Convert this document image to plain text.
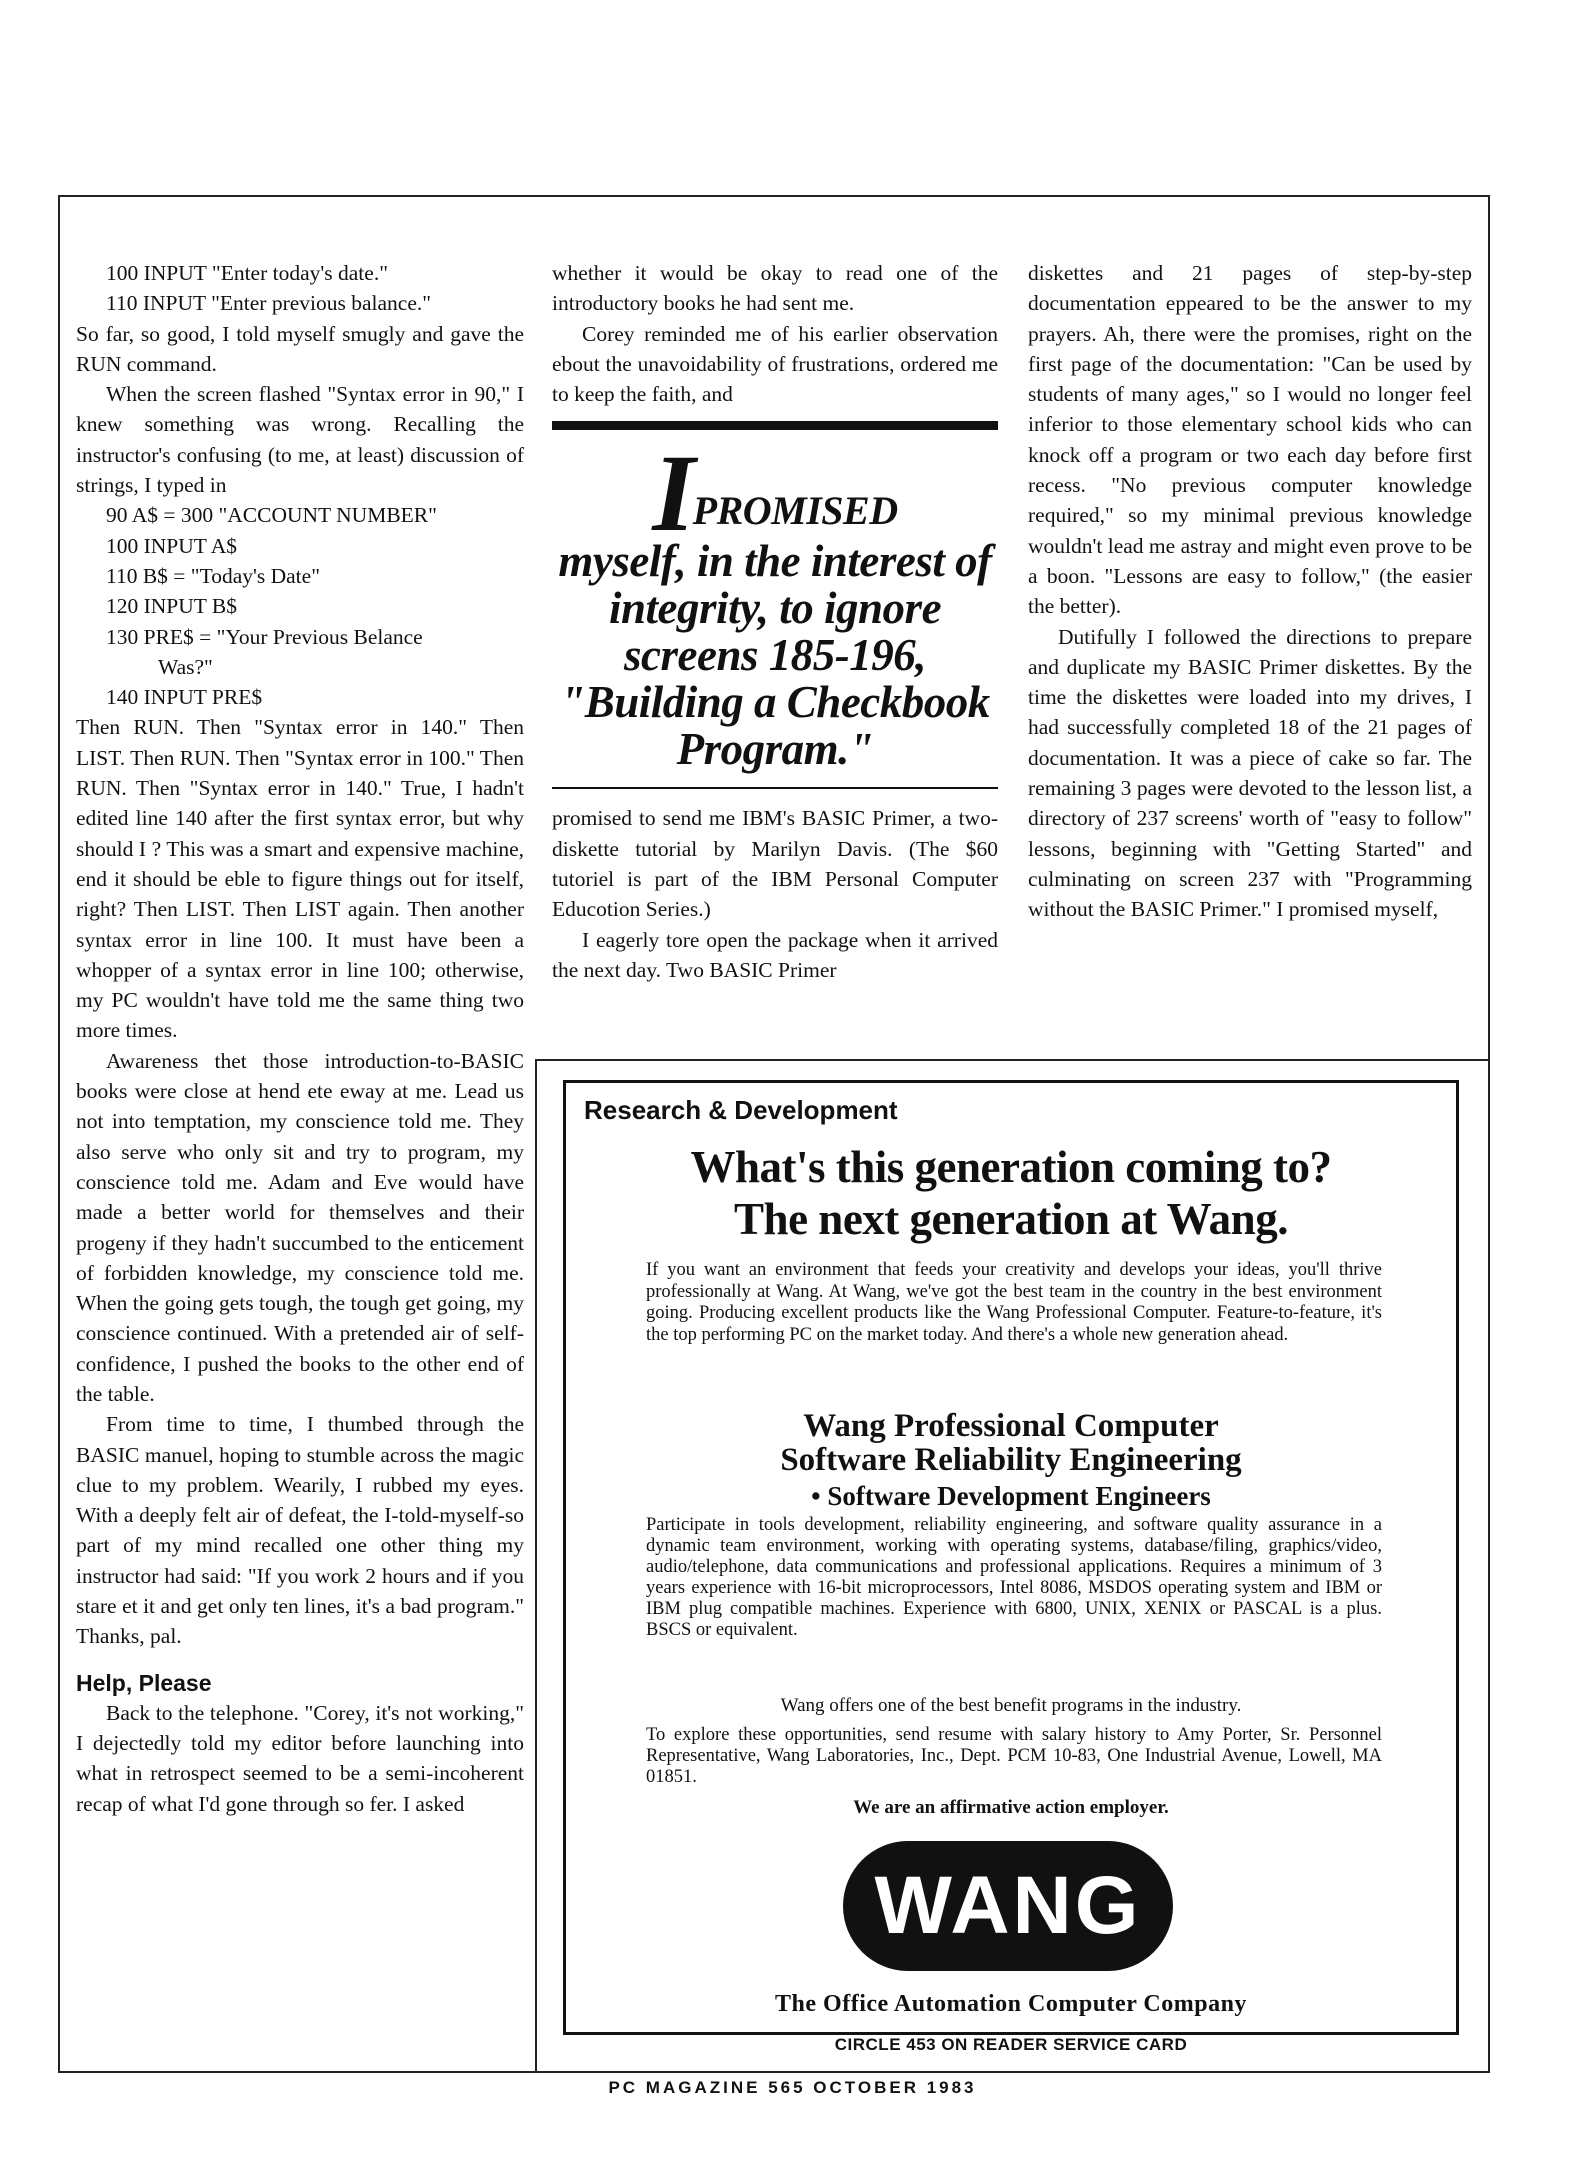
100 INPUT "Enter today's date."

110 INPUT "Enter previous balance."

So far, so good, I told myself smugly and gave the RUN command.

When the screen flashed "Syntax error in 90," I knew something was wrong. Recalling the instructor's confusing (to me, at least) discussion of strings, I typed in

90 A$ = 300 "ACCOUNT NUMBER"

100 INPUT A$

110 B$ = "Today's Date"

120 INPUT B$

130 PRE$ = "Your Previous Belance

Was?"

140 INPUT PRE$

Then RUN. Then "Syntax error in 140." Then LIST. Then RUN. Then "Syntax error in 100." Then RUN. Then "Syntax error in 140." True, I hadn't edited line 140 after the first syntax error, but why should I ? This was a smart and expensive machine, end it should be eble to figure things out for itself, right? Then LIST. Then LIST again. Then another syntax error in line 100. It must have been a whopper of a syntax error in line 100; otherwise, my PC wouldn't have told me the same thing two more times.

Awareness thet those introduction-to-BASIC books were close at hend ete eway at me. Lead us not into temptation, my conscience told me. They also serve who only sit and try to program, my conscience told me. Adam and Eve would have made a better world for themselves and their progeny if they hadn't succumbed to the enticement of forbidden knowledge, my conscience told me. When the going gets tough, the tough get going, my conscience continued. With a pretended air of self-confidence, I pushed the books to the other end of the table.

From time to time, I thumbed through the BASIC manuel, hoping to stumble across the magic clue to my problem. Wearily, I rubbed my eyes. With a deeply felt air of defeat, the I-told-myself-so part of my mind recalled one other thing my instructor had said: "If you work 2 hours and if you stare et it and get only ten lines, it's a bad program." Thanks, pal.

Help, Please

Back to the telephone. "Corey, it's not working," I dejectedly told my editor before launching into what in retrospect seemed to be a semi-incoherent recap of what I'd gone through so fer. I asked

whether it would be okay to read one of the introductory books he had sent me.

Corey reminded me of his earlier observation ebout the unavoidability of frustrations, ordered me to keep the faith, and

IPROMISED
myself, in the interest of integrity, to ignore screens 185-196, "Building a Checkbook Program."

promised to send me IBM's BASIC Primer, a two-diskette tutorial by Marilyn Davis. (The $60 tutoriel is part of the IBM Personal Computer Educotion Series.)

I eagerly tore open the package when it arrived the next day. Two BASIC Primer

diskettes and 21 pages of step-by-step documentation eppeared to be the answer to my prayers. Ah, there were the promises, right on the first page of the documentation: "Can be used by students of many ages," so I would no longer feel inferior to those elementary school kids who can knock off a program or two each day before first recess. "No previous computer knowledge required," so my minimal previous knowledge wouldn't lead me astray and might even prove to be a boon. "Lessons are easy to follow," (the easier the better).

Dutifully I followed the directions to prepare and duplicate my BASIC Primer diskettes. By the time the diskettes were loaded into my drives, I had successfully completed 18 of the 21 pages of documentation. It was a piece of cake so far. The remaining 3 pages were devoted to the lesson list, a directory of 237 screens' worth of "easy to follow" lessons, beginning with "Getting Started" and culminating on screen 237 with "Programming without the BASIC Primer." I promised myself,

Research & Development
What's this generation coming to?
The next generation at Wang.
If you want an environment that feeds your creativity and develops your ideas, you'll thrive professionally at Wang. At Wang, we've got the best team in the country in the best environment going. Producing excellent products like the Wang Professional Computer. Feature-to-feature, it's the top performing PC on the market today. And there's a whole new generation ahead.
Wang Professional Computer
Software Reliability Engineering
• Software Development Engineers
Participate in tools development, reliability engineering, and software quality assurance in a dynamic team environment, working with operating systems, database/filing, graphics/video, audio/telephone, data communications and professional applications. Requires a minimum of 3 years experience with 16-bit microprocessors, Intel 8086, MSDOS operating system and IBM or IBM plug compatible machines. Experience with 6800, UNIX, XENIX or PASCAL is a plus. BSCS or equivalent.
Wang offers one of the best benefit programs in the industry.
To explore these opportunities, send resume with salary history to Amy Porter, Sr. Personnel Representative, Wang Laboratories, Inc., Dept. PCM 10-83, One Industrial Avenue, Lowell, MA 01851.
We are an affirmative action employer.
WANG
The Office Automation Computer Company
CIRCLE 453 ON READER SERVICE CARD
PC MAGAZINE 565 OCTOBER 1983
